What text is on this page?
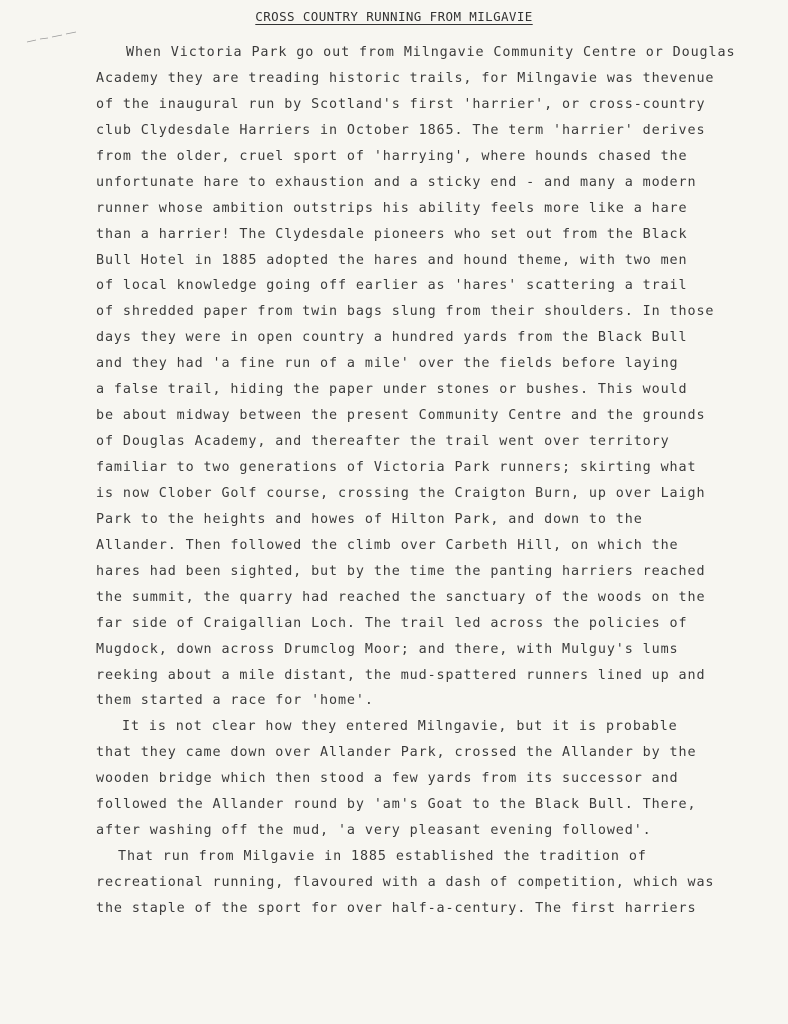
CROSS COUNTRY RUNNING FROM MILGAVIE
When Victoria Park go out from Milngavie Community Centre or Douglas
Academy they are treading historic trails, for Milngavie was thevenue
of the inaugural run by Scotland's first 'harrier', or cross-country
club Clydesdale Harriers in October 1865. The term 'harrier' derives
from the older, cruel sport of 'harrying', where hounds chased the
unfortunate hare to exhaustion and a sticky end - and many a modern
runner whose ambition outstrips his ability feels more like a hare
than a harrier! The Clydesdale pioneers who set out from the Black
Bull Hotel in 1885 adopted the hares and hound theme, with two men
of local knowledge going off earlier as 'hares' scattering a trail
of shredded paper from twin bags slung from their shoulders. In those
days they were in open country a hundred yards from the Black Bull
and they had 'a fine run of a mile' over the fields before laying
a false trail, hiding the paper under stones or bushes. This would
be about midway between the present Community Centre and the grounds
of Douglas Academy, and thereafter the trail went over territory
familiar to two generations of Victoria Park runners; skirting what
is now Clober Golf course, crossing the Craigton Burn, up over Laigh
Park to the heights and howes of Hilton Park, and down to the
Allander. Then followed the climb over Carbeth Hill, on which the
hares had been sighted, but by the time the panting harriers reached
the summit, the quarry had reached the sanctuary of the woods on the
far side of Craigallian Loch. The trail led across the policies of
Mugdock, down across Drumclog Moor; and there, with Mulguy's lums
reeking about a mile distant, the mud-spattered runners lined up and
them started a race for 'home'.
It is not clear how they entered Milngavie, but it is probable
that they came down over Allander Park, crossed the Allander by the
wooden bridge which then stood a few yards from its successor and
followed the Allander round by 'am's Goat to the Black Bull. There,
after washing off the mud, 'a very pleasant evening followed'.
That run from Milgavie in 1885 established the tradition of
recreational running, flavoured with a dash of competition, which was
the staple of the sport for over half-a-century. The first harriers
